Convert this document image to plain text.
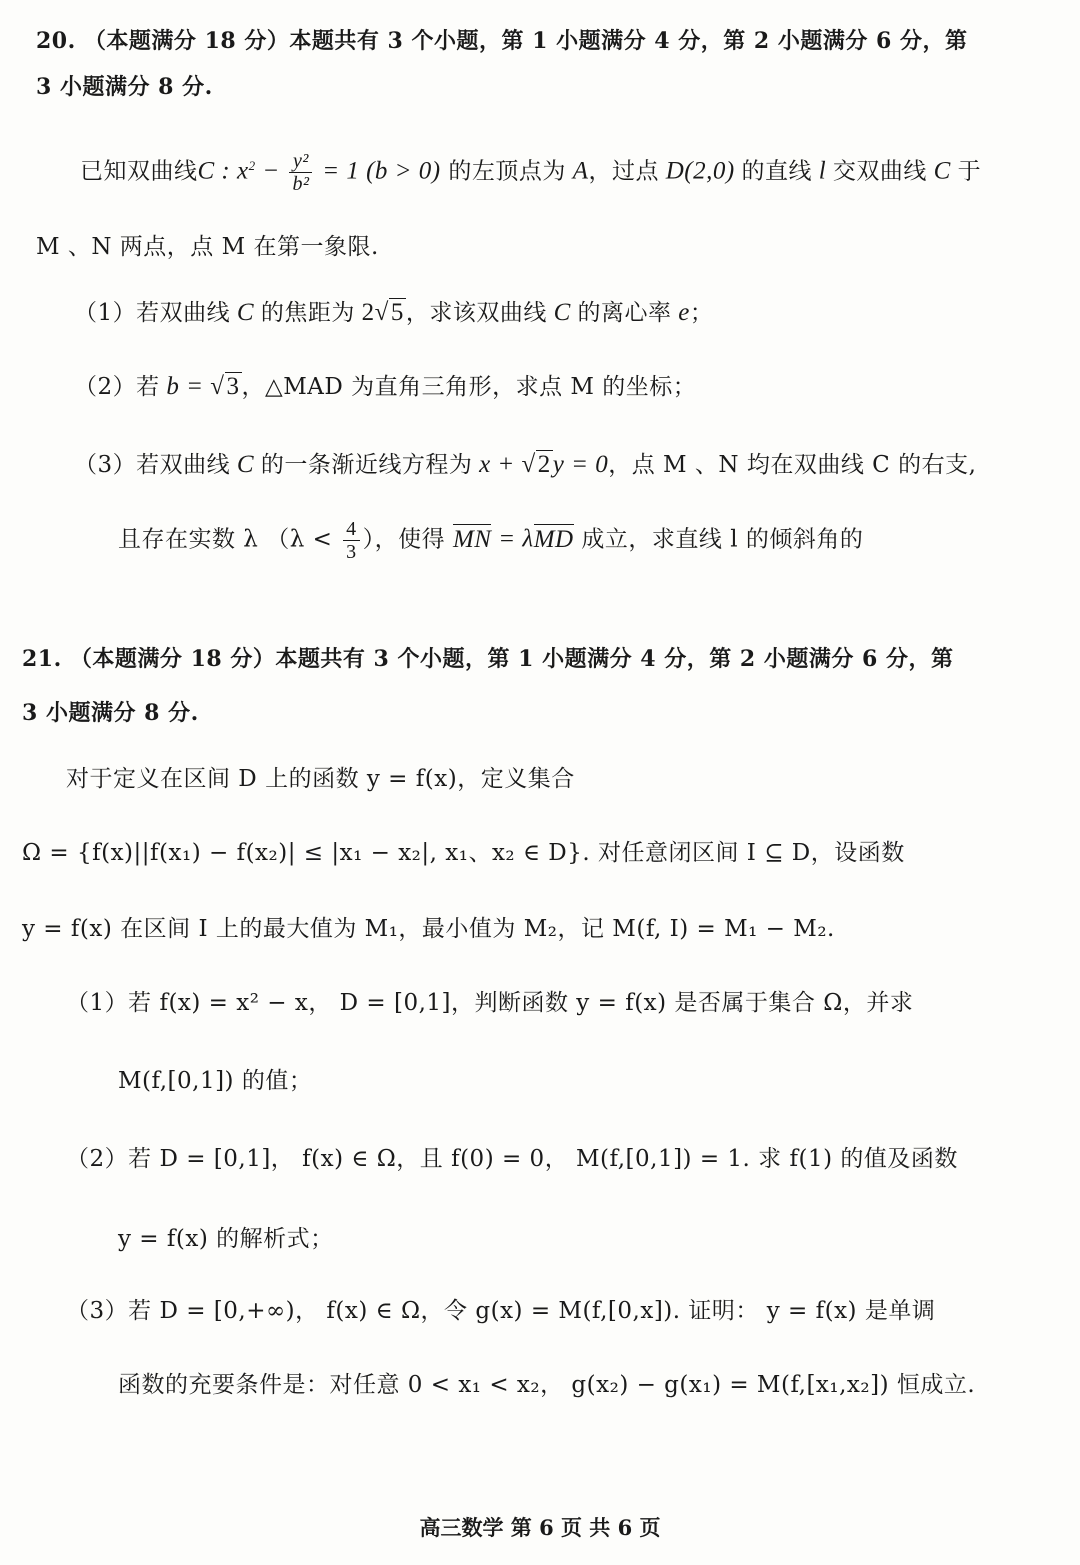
20. （本题满分 18 分）本题共有 3 个小题，第 1 小题满分 4 分，第 2 小题满分 6 分，第
3 小题满分 8 分.
已知双曲线C : $x^2 - \frac{\text{y²}}{\text{b²}} = 1$ (b > 0) 的左顶点为 A，过点 D(2,0) 的直线 l 交双曲线 C 于
M 、N 两点，点 M 在第一象限.
（1）若双曲线 C 的焦距为 2√5，求该双曲线 C 的离心率 e；
（2）若 b = √3，△MAD 为直角三角形，求点 M 的坐标；
（3）若双曲线 C 的一条渐近线方程为 x + √2y = 0，点 M 、N 均在双曲线 C 的右支,
且存在实数 λ （$\lambda < \frac{4}{3}$ ），使得 MN = λMD 成立，求直线 l 的倾斜角的
21. （本题满分 18 分）本题共有 3 个小题，第 1 小题满分 4 分，第 2 小题满分 6 分，第
3 小题满分 8 分.
对于定义在区间 D 上的函数 y = f(x)，定义集合
Ω = {f(x)||f(x₁) − f(x₂)| ≤ |x₁ − x₂|, x₁、x₂ ∈ D}. 对任意闭区间 I ⊆ D，设函数
y = f(x) 在区间 I 上的最大值为 M₁，最小值为 M₂，记 M(f, I) = M₁ − M₂.
（1）若 f(x) = x² − x， D = [0,1]，判断函数 y = f(x) 是否属于集合 Ω，并求
M(f,[0,1]) 的值；
（2）若 D = [0,1]， f(x) ∈ Ω，且 f(0) = 0， M(f,[0,1]) = 1. 求 f(1) 的值及函数
y = f(x) 的解析式；
（3）若 D = [0,+∞)， f(x) ∈ Ω，令 g(x) = M(f,[0,x]). 证明： y = f(x) 是单调
函数的充要条件是：对任意 0 < x₁ < x₂， g(x₂) − g(x₁) = M(f,[x₁,x₂]) 恒成立.
高三数学 第 6 页 共 6 页
